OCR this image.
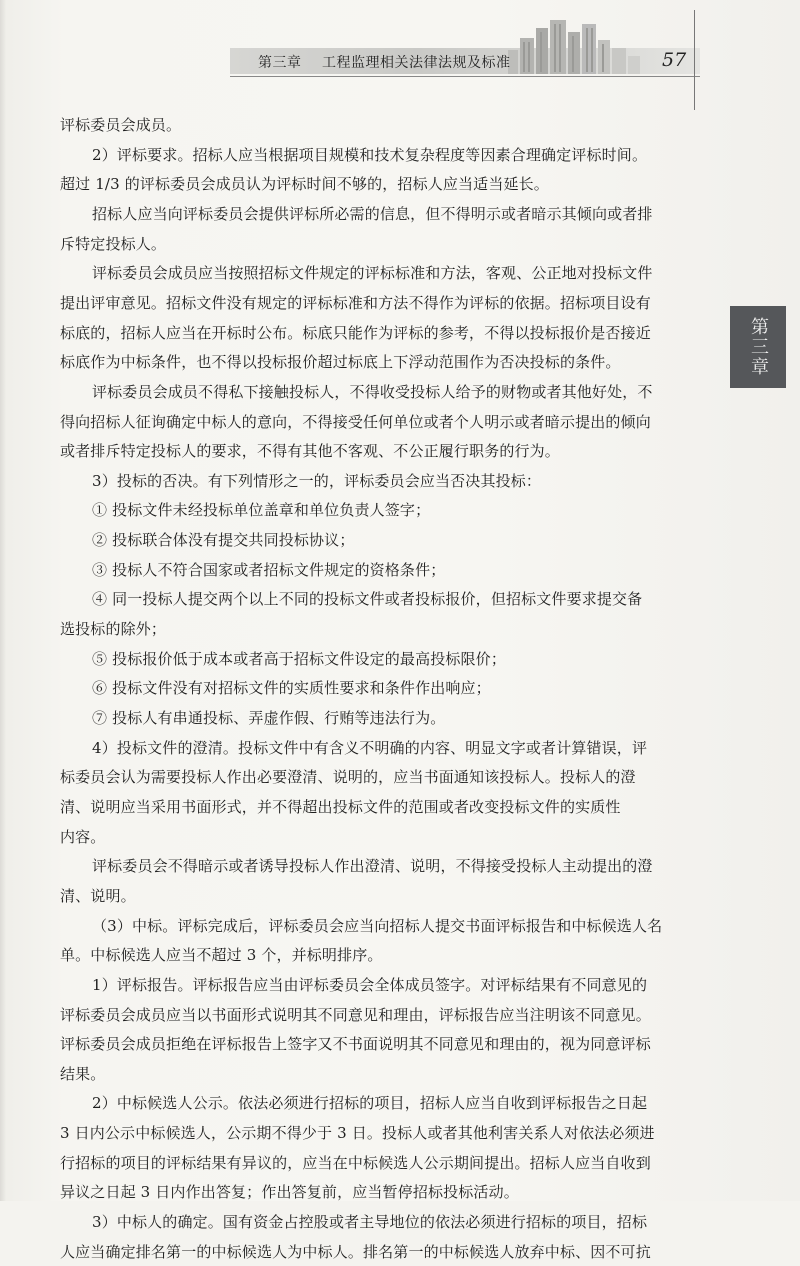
第三章 工程监理相关法律法规及标准	57
第三章
评标委员会成员。
2）评标要求。招标人应当根据项目规模和技术复杂程度等因素合理确定评标时间。
超过 1/3 的评标委员会成员认为评标时间不够的，招标人应当适当延长。
招标人应当向评标委员会提供评标所必需的信息，但不得明示或者暗示其倾向或者排
斥特定投标人。
评标委员会成员应当按照招标文件规定的评标标准和方法，客观、公正地对投标文件
提出评审意见。招标文件没有规定的评标标准和方法不得作为评标的依据。招标项目设有
标底的，招标人应当在开标时公布。标底只能作为评标的参考，不得以投标报价是否接近
标底作为中标条件，也不得以投标报价超过标底上下浮动范围作为否决投标的条件。
评标委员会成员不得私下接触投标人，不得收受投标人给予的财物或者其他好处，不
得向招标人征询确定中标人的意向，不得接受任何单位或者个人明示或者暗示提出的倾向
或者排斥特定投标人的要求，不得有其他不客观、不公正履行职务的行为。
3）投标的否决。有下列情形之一的，评标委员会应当否决其投标：
① 投标文件未经投标单位盖章和单位负责人签字；
② 投标联合体没有提交共同投标协议；
③ 投标人不符合国家或者招标文件规定的资格条件；
④ 同一投标人提交两个以上不同的投标文件或者投标报价，但招标文件要求提交备
选投标的除外；
⑤ 投标报价低于成本或者高于招标文件设定的最高投标限价；
⑥ 投标文件没有对招标文件的实质性要求和条件作出响应；
⑦ 投标人有串通投标、弄虚作假、行贿等违法行为。
4）投标文件的澄清。投标文件中有含义不明确的内容、明显文字或者计算错误，评
标委员会认为需要投标人作出必要澄清、说明的，应当书面通知该投标人。投标人的澄
清、说明应当采用书面形式，并不得超出投标文件的范围或者改变投标文件的实质性
内容。
评标委员会不得暗示或者诱导投标人作出澄清、说明，不得接受投标人主动提出的澄
清、说明。
（3）中标。评标完成后，评标委员会应当向招标人提交书面评标报告和中标候选人名
单。中标候选人应当不超过 3 个，并标明排序。
1）评标报告。评标报告应当由评标委员会全体成员签字。对评标结果有不同意见的
评标委员会成员应当以书面形式说明其不同意见和理由，评标报告应当注明该不同意见。
评标委员会成员拒绝在评标报告上签字又不书面说明其不同意见和理由的，视为同意评标
结果。
2）中标候选人公示。依法必须进行招标的项目，招标人应当自收到评标报告之日起
3 日内公示中标候选人，公示期不得少于 3 日。投标人或者其他利害关系人对依法必须进
行招标的项目的评标结果有异议的，应当在中标候选人公示期间提出。招标人应当自收到
异议之日起 3 日内作出答复；作出答复前，应当暂停招标投标活动。
3）中标人的确定。国有资金占控股或者主导地位的依法必须进行招标的项目，招标
人应当确定排名第一的中标候选人为中标人。排名第一的中标候选人放弃中标、因不可抗
